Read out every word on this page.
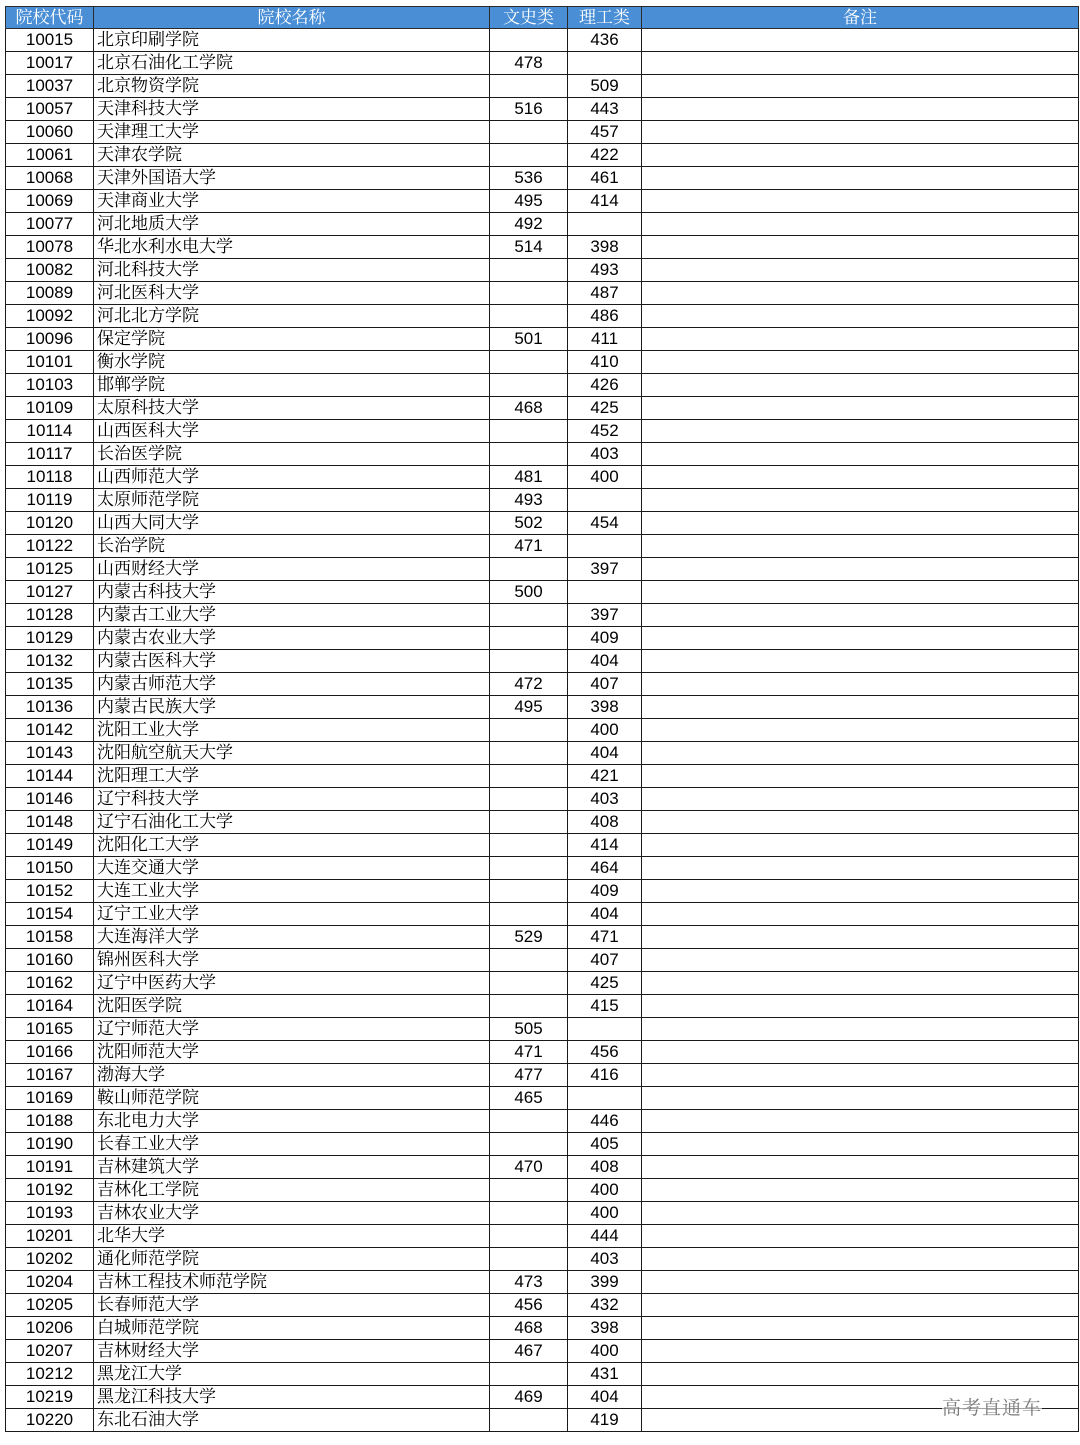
院校代码	院校名称	文史类	理工类	备注
10015	北京印刷学院		436	
10017	北京石油化工学院	478		
10037	北京物资学院		509	
10057	天津科技大学	516	443	
10060	天津理工大学		457	
10061	天津农学院		422	
10068	天津外国语大学	536	461	
10069	天津商业大学	495	414	
10077	河北地质大学	492		
10078	华北水利水电大学	514	398	
10082	河北科技大学		493	
10089	河北医科大学		487	
10092	河北北方学院		486	
10096	保定学院	501	411	
10101	衡水学院		410	
10103	邯郸学院		426	
10109	太原科技大学	468	425	
10114	山西医科大学		452	
10117	长治医学院		403	
10118	山西师范大学	481	400	
10119	太原师范学院	493		
10120	山西大同大学	502	454	
10122	长治学院	471		
10125	山西财经大学		397	
10127	内蒙古科技大学	500		
10128	内蒙古工业大学		397	
10129	内蒙古农业大学		409	
10132	内蒙古医科大学		404	
10135	内蒙古师范大学	472	407	
10136	内蒙古民族大学	495	398	
10142	沈阳工业大学		400	
10143	沈阳航空航天大学		404	
10144	沈阳理工大学		421	
10146	辽宁科技大学		403	
10148	辽宁石油化工大学		408	
10149	沈阳化工大学		414	
10150	大连交通大学		464	
10152	大连工业大学		409	
10154	辽宁工业大学		404	
10158	大连海洋大学	529	471	
10160	锦州医科大学		407	
10162	辽宁中医药大学		425	
10164	沈阳医学院		415	
10165	辽宁师范大学	505		
10166	沈阳师范大学	471	456	
10167	渤海大学	477	416	
10169	鞍山师范学院	465		
10188	东北电力大学		446	
10190	长春工业大学		405	
10191	吉林建筑大学	470	408	
10192	吉林化工学院		400	
10193	吉林农业大学		400	
10201	北华大学		444	
10202	通化师范学院		403	
10204	吉林工程技术师范学院	473	399	
10205	长春师范大学	456	432	
10206	白城师范学院	468	398	
10207	吉林财经大学	467	400	
10212	黑龙江大学		431	
10219	黑龙江科技大学	469	404	
10220	东北石油大学		419	
高考直通车
